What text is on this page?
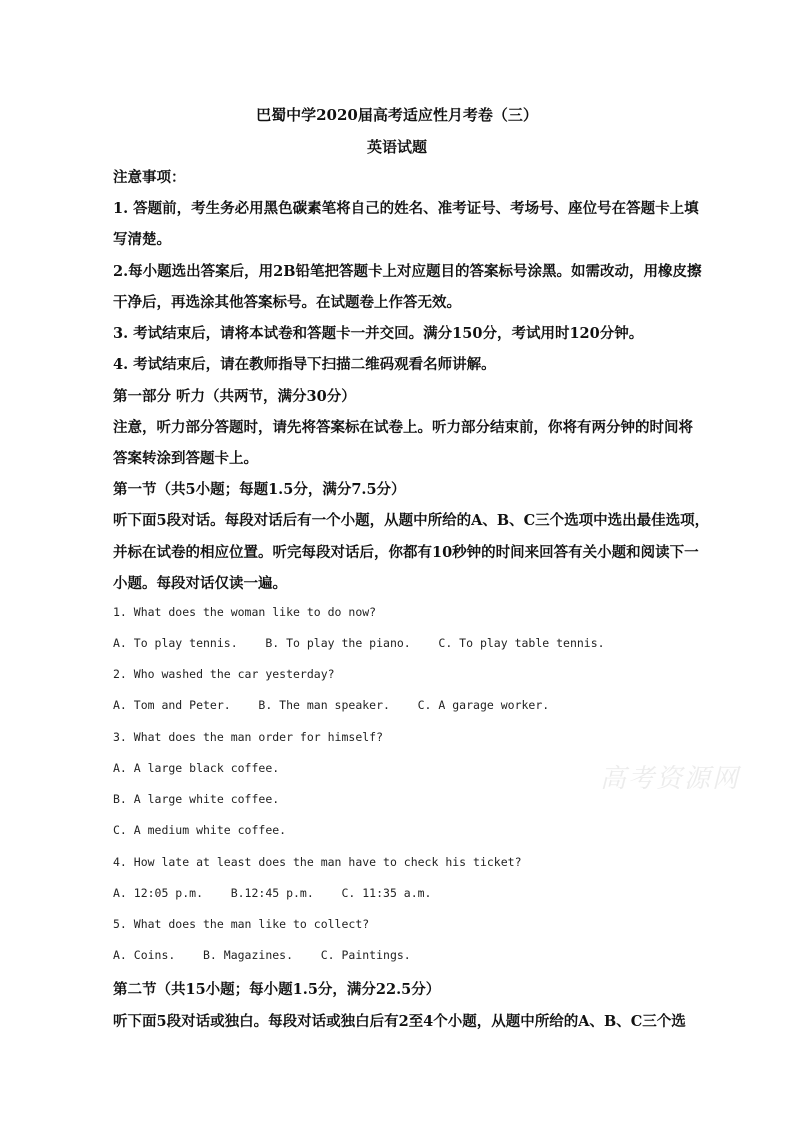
巴蜀中学2020届高考适应性月考卷（三）
英语试题
注意事项：
1. 答题前，考生务必用黑色碳素笔将自己的姓名、准考证号、考场号、座位号在答题卡上填
写清楚。
2.每小题选出答案后，用2B铅笔把答题卡上对应题目的答案标号涂黑。如需改动，用橡皮擦
干净后，再选涂其他答案标号。在试题卷上作答无效。
3. 考试结束后，请将本试卷和答题卡一并交回。满分150分，考试用时120分钟。
4. 考试结束后，请在教师指导下扫描二维码观看名师讲解。
第一部分 听力（共两节，满分30分）
注意，听力部分答题时，请先将答案标在试卷上。听力部分结束前，你将有两分钟的时间将
答案转涂到答题卡上。
第一节（共5小题；每题1.5分，满分7.5分）
听下面5段对话。每段对话后有一个小题，从题中所给的A、B、C三个选项中选出最佳选项，
并标在试卷的相应位置。听完每段对话后，你都有10秒钟的时间来回答有关小题和阅读下一
小题。每段对话仅读一遍。
1. What does the woman like to do now?
A. To play tennis.    B. To play the piano.    C. To play table tennis.
2. Who washed the car yesterday?
A. Tom and Peter.    B. The man speaker.    C. A garage worker.
3. What does the man order for himself?
A. A large black coffee.
B. A large white coffee.
C. A medium white coffee.
4. How late at least does the man have to check his ticket?
A. 12:05 p.m.    B.12:45 p.m.    C. 11:35 a.m.
5. What does the man like to collect?
A. Coins.    B. Magazines.    C. Paintings.
第二节（共15小题；每小题1.5分，满分22.5分）
听下面5段对话或独白。每段对话或独白后有2至4个小题，从题中所给的A、B、C三个选
高考资源网
